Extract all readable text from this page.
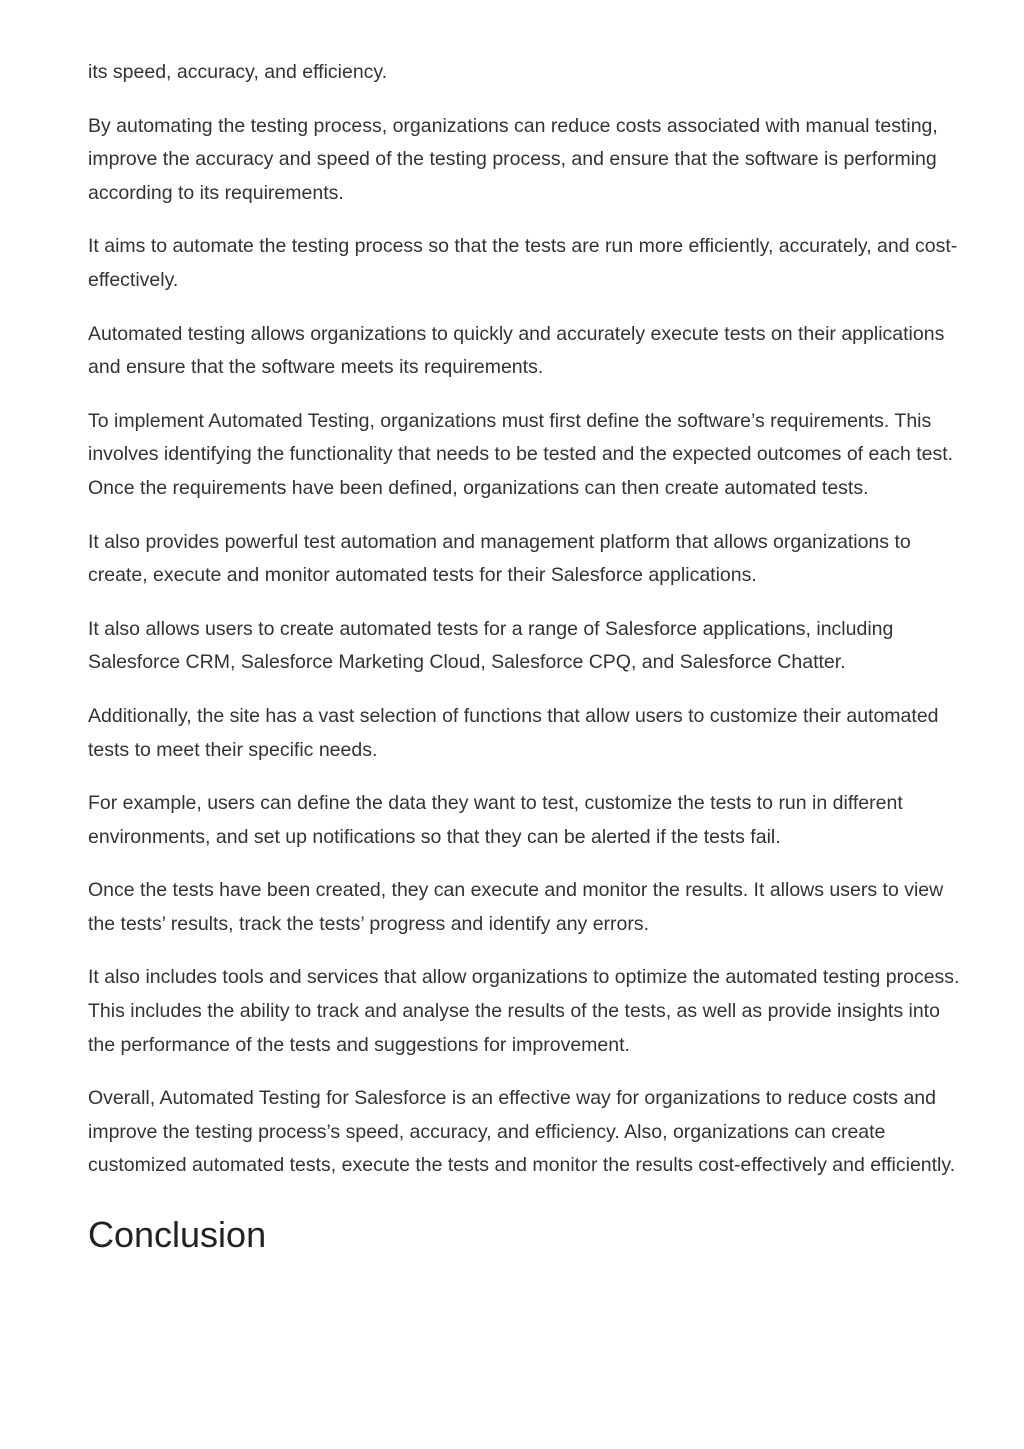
its speed, accuracy, and efficiency.

By automating the testing process, organizations can reduce costs associated with manual testing, improve the accuracy and speed of the testing process, and ensure that the software is performing according to its requirements.

It aims to automate the testing process so that the tests are run more efficiently, accurately, and cost-effectively.

Automated testing allows organizations to quickly and accurately execute tests on their applications and ensure that the software meets its requirements.

To implement Automated Testing, organizations must first define the software’s requirements. This involves identifying the functionality that needs to be tested and the expected outcomes of each test. Once the requirements have been defined, organizations can then create automated tests.

It also provides powerful test automation and management platform that allows organizations to create, execute and monitor automated tests for their Salesforce applications.

It also allows users to create automated tests for a range of Salesforce applications, including Salesforce CRM, Salesforce Marketing Cloud, Salesforce CPQ, and Salesforce Chatter.

Additionally, the site has a vast selection of functions that allow users to customize their automated tests to meet their specific needs.

For example, users can define the data they want to test, customize the tests to run in different environments, and set up notifications so that they can be alerted if the tests fail.

Once the tests have been created, they can execute and monitor the results. It allows users to view the tests’ results, track the tests’ progress and identify any errors.

It also includes tools and services that allow organizations to optimize the automated testing process. This includes the ability to track and analyse the results of the tests, as well as provide insights into the performance of the tests and suggestions for improvement.

Overall, Automated Testing for Salesforce is an effective way for organizations to reduce costs and improve the testing process’s speed, accuracy, and efficiency. Also, organizations can create customized automated tests, execute the tests and monitor the results cost-effectively and efficiently.

Conclusion
